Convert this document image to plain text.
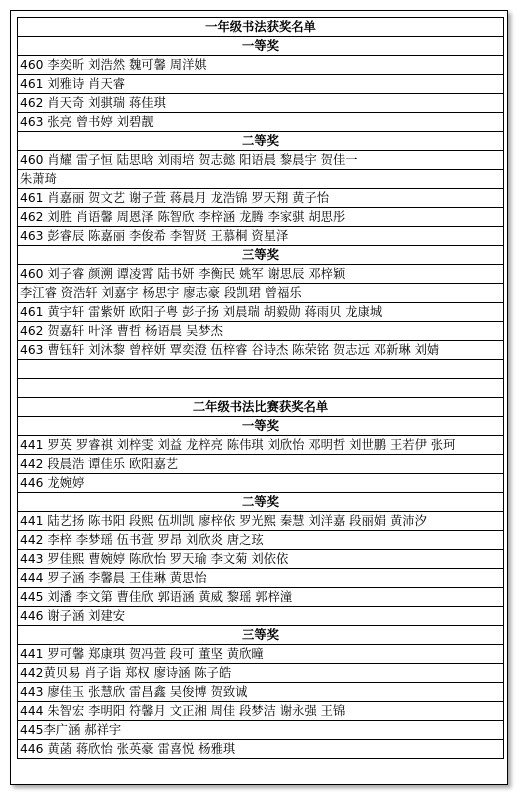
一年级书法获奖名单
一等奖
460 李奕昕 刘浩然 魏可馨 周洋娸
461 刘雅诗 肖天睿
462 肖天奇 刘骐瑞 蒋佳琪
463 张亮 曾书婷 刘碧靓
二等奖
460 肖耀 雷子恒 陆思晗 刘雨培 贺志懿 阳语晨 黎晨宇 贺佳一
朱萧琦
461 肖嘉丽 贺文艺 谢子萱 蒋晨月 龙浩锦 罗天翔 黄子怡
462 刘胜 肖语馨 周恩泽 陈智欣 李梓涵 龙腾 李家骐 胡思彤
463 彭睿辰 陈嘉丽 李俊希 李智贤 王慕桐 资星泽
三等奖
460 刘子睿 颜溯 谭凌霄 陆书妍 李衡民 姚军 谢思辰 邓梓颖
李江睿 资浩轩 刘嘉宇 杨思宇 廖志豪 段凯珺 曾福乐
461 黄宇轩 雷紫妍 欧阳子粤 彭子扬 刘晨瑞 胡毅勋 蒋雨贝 龙康城
462 贺嘉轩 叶泽 曹哲 杨语晨 吴梦杰
463 曹钰轩 刘沐黎 曾梓妍 覃奕澄 伍梓睿 谷诗杰 陈荣铭 贺志远 邓新琳 刘婧

二年级书法比赛获奖名单
一等奖
441 罗英 罗睿祺 刘梓雯 刘益 龙梓亮 陈伟琪 刘欣怡 邓明哲 刘世鹏 王若伊 张珂
442 段晨浩 谭佳乐 欧阳嘉艺
446 龙婉婷
二等奖
441 陆艺扬 陈书阳 段熙 伍圳凯 廖梓依 罗光熙 秦慧 刘洋嘉 段丽娟 黄沛汐
442 李梓 李梦瑶 伍书萱 罗昂 刘欣炎 唐之玹
443 罗佳熙 曹婉婷 陈欣怡 罗天瑜 李文菊 刘依依
444 罗子涵 李馨晨 王佳琳 黄思怡
445 刘潘 李文第 曹佳欣 郭语涵 黄威 黎瑶 郭梓潼
446 谢子涵 刘建安
三等奖
441 罗可馨 郑康琪 贺冯萱 段可 董坚 黄欣曈
442黄贝易 肖子诣 郑权 廖诗涵 陈子皓
443 廖佳玉 张慧欣 雷昌鑫 吴俊博 贺致诚
444 朱智宏 李明阳 符馨月 文正湘 周佳 段梦洁 谢永强 王锦
445李广涵 郝祥宇
446 黄菡 蒋欣怡 张英豪 雷喜悦 杨雅琪
